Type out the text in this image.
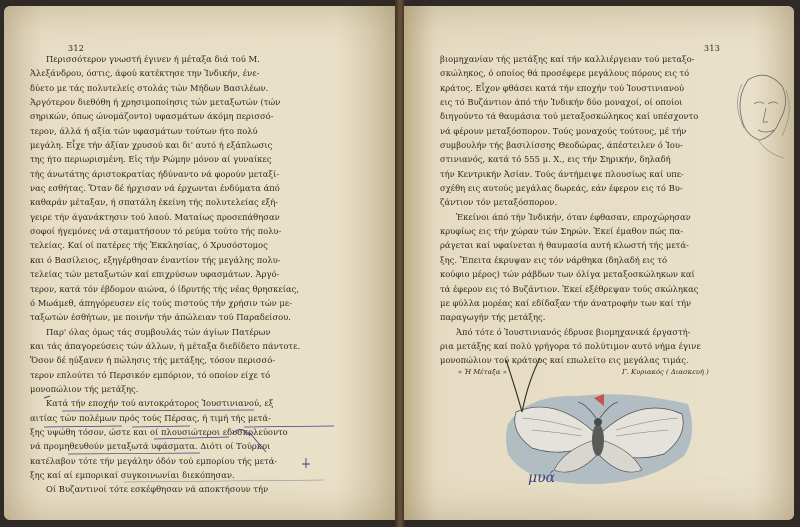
312
Περισσότερον γνωστή έγινεν ή μέταξα διά τού Μ.
Ἀλεξάνδρου, όστις, άφού κατέκτησε την Ἰνδικήν, ένε-
δύετο με τάς πολυτελείς στολάς τών Μήδων Βασιλέων.
Ἀργότερον διεθόθη ή χρησιμοποίησις τών μεταξωτών (τών
σηρικών, όπως ώνομάζοντο) υφασμάτων άκόμη περισσό-
τερον, άλλά ή αξία τών υφασμάτων τούτων ήτο πολύ
μεγάλη. Εἶχε τήν άξίαν χρυσού και δι' αυτό ή εξάπλωσις
της ήτο περιωρισμένη. Εἰς τήν Ρώμην μόνον αί γυναίκες
τής άνωτάτης άριστοκρατίας ήδύναντο νά φορούν μεταξί-
νας εσθήτας. Ὅταν δέ ήρχισαν νά έρχωνται ένδύματα άπό
καθαράν μέταξαν, ή σπατάλη έκείνη τής πολυτελείας εξή-
γειρε τήν άγανάκτησιν τού λαού. Ματαίως προσεπάθησαν
σοφοί ήγεμόνες νά σταματήσουν τό ρεύμα τούτο τής πολυ-
τελείας. Καί οί πατέρες τής Ἐκκλησίας, ό Χρυσόστομος
και ό Βασίλειος, εξηγέρθησαν έναντίον τής μεγάλης πολυ-
τελείας τών μεταξωτών καί επιχρύσων υφασμάτων. Ἀργό-
τερον, κατά τόν έβδομον αιώνα, ό ίδρυτής τής νέας θρησκείας,
ό Μωάμεθ, άπηγόρευσεν είς τούς πιστούς τήν χρήσιν τών με-
ταξωτών έσθήτων, με ποινήν τήν άπώλειαν τού Παραδείσου.
Παρ' όλας όμως τάς συμβουλάς τών άγίων Πατέρων
και τάς άπαγορεύσεις τών άλλων, ή μέταξα διεδίδετο πάντοτε.
Ὅσον δέ ηύξανεν ή πώλησις τής μετάξης, τόσον περισσό-
τερον επλούτει τό Περσικόν εμπόριον, τό οποίον είχε τό
μονοπώλιον τής μετάξης.
Κατά τήν εποχήν τού αυτοκράτορος Ἰουστινιανού, εξ
αιτίας τών πολέμων πρός τούς Πέρσας, ή τιμή τής μετά-
ξης υψώθη τόσον, ώστε και οί πλουσιώτεροι εδυσκολεύοντο
νά προμηθευθούν μεταξωτά υφάσματα. Διότι οί Τούρκοι
κατέλαβον τότε τήν μεγάλην όδόν τού εμπορίου τής μετά-
ξης καί αί εμπορικαί συγκοινωνίαι διεκόπησαν.
Οί Βυζαντινοί τότε εσκέφθησαν νά αποκτήσουν τήν
313
βιομηχανίαν τής μετάξης καί τήν καλλιέργειαν τού μεταξο-
σκώληκος, ό οποίος θά προσέφερε μεγάλους πόρους εις τό
κράτος. Εἶχον φθάσει κατά τήν εποχήν τού Ἰουστινιανού
εις τό Βυζάντιον άπό τήν Ἰνδικήν δύο μοναχοί, οί οποίοι
διηγούντο τά θαυμάσια τού μεταξοσκώληκος καί υπέσχοντο
νά φέρουν μεταξόσπορον. Τούς μοναχούς τούτους, μέ τήν
συμβουλήν τής βασιλίσσης Θεοδώρας, άπέστειλεν ό Ἰου-
στινιανός, κατά τό 555 μ. Χ., εις τήν Σηρικήν, δηλαδή
τήν Κεντρικήν Ἀσίαν. Τούς άντήμειψε πλουσίως καί υπε-
σχέθη εις αυτούς μεγάλας δωρεάς, εάν έφερον εις τό Βυ-
ζάντιον τόν μεταξόσπορον.
Ἐκείνοι άπό τήν Ἰνδικήν, όταν έφθασαν, επροχώρησαν
κρυφίως εις τήν χώραν τών Σηρών. Ἐκεί έμαθον πώς πα-
ράγεται καί υφαίνεται ή θαυμασία αυτή κλωστή τής μετά-
ξης. Ἔπειτα έκρυψαν εις τόν νάρθηκα (δηλαδή εις τό
κούφιο μέρος) τών ράβδων των όλίγα μεταξοσκώληκων καί
τά έφερον εις τό Βυζάντιον. Ἐκεί εξέθρεψαν τούς σκώληκας
με φύλλα μορέας καί εδίδαξαν τήν άνατροφήν των καί τήν
παραγωγήν τής μετάξης.
Ἀπό τότε ό Ἰουστινιανός έδρυσε βιομηχανικά έργαστή-
ρια μετάξης καί πολύ γρήγορα τό πολύτιμον αυτό νήμα έγινε
μονοπώλιον τού κράτους καί επωλείτο εις μεγάλας τιμάς.
« Ἡ Μέταξα »	Γ. Κυριακός ( Διασκευή )
μυά
